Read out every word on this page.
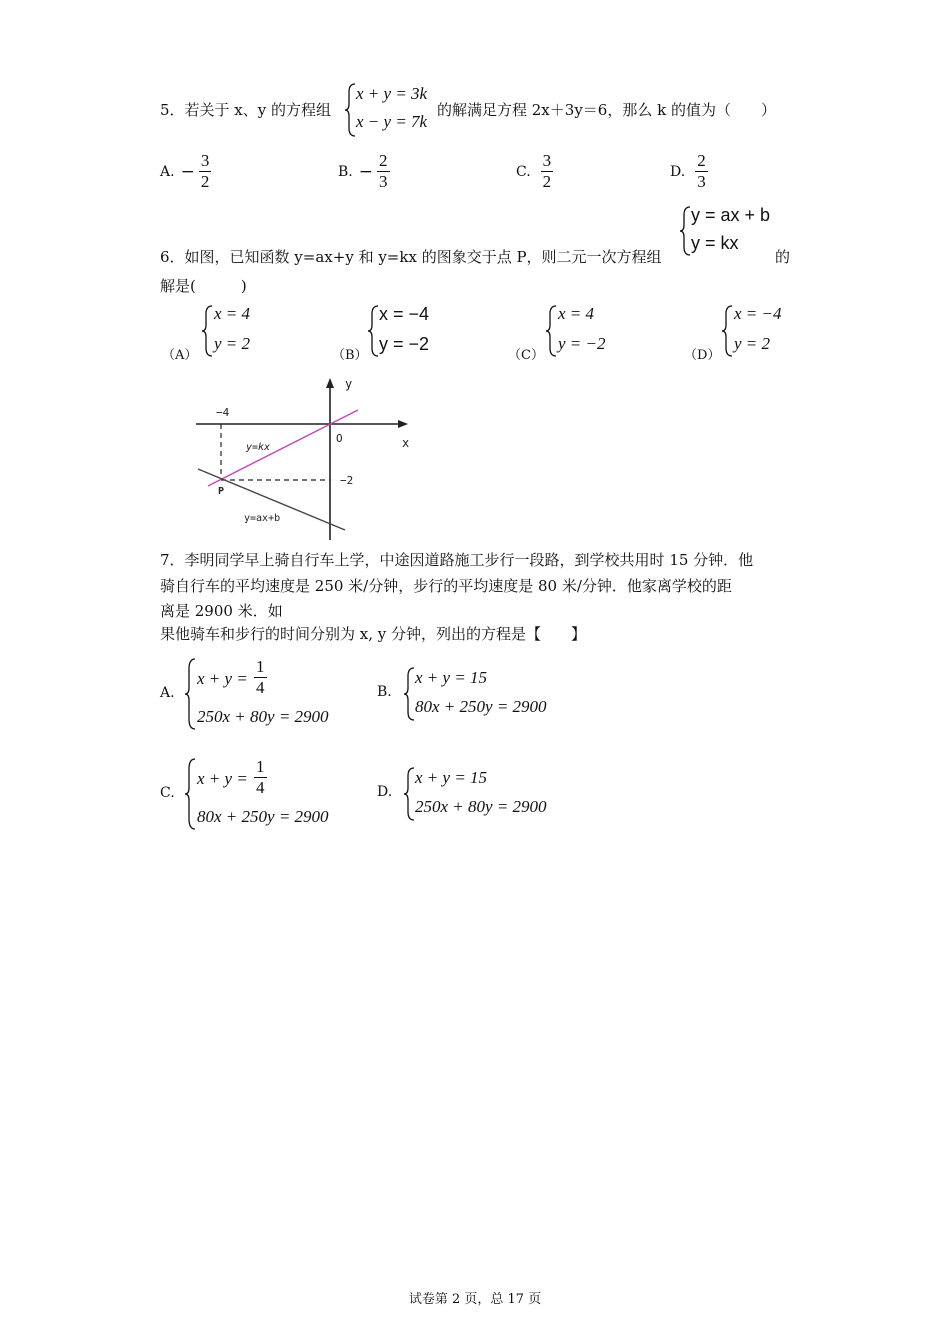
5．若关于 x、y 的方程组
x + y = 3k
x − y = 7k
的解满足方程 2x＋3y＝6，那么 k 的值为（　　）
A. − $\frac{3}{2}$	B. − $\frac{2}{3}$	C. $\frac{3}{2}$	D. $\frac{2}{3}$
6．如图，已知函数 y=ax+y 和 y=kx 的图象交于点 P，则二元一次方程组
y = ax + b
y = kx
的
解是(　　　)
（A）
x = 4
y = 2
（B）
x = −4
y = −2
（C）
x = 4
y = −2
（D）
x = −4
y = 2
y
x
O
−4
−2
P
y=kx
y=ax+b
7．李明同学早上骑自行车上学，中途因道路施工步行一段路，到学校共用时 15 分钟．他
骑自行车的平均速度是 250 米/分钟，步行的平均速度是 80 米/分钟．他家离学校的距
离是 2900 米．如
果他骑车和步行的时间分别为 x, y 分钟，列出的方程是【　　】
A.
$x + y = \frac{1}{4}$
250x + 80y = 2900
B.
x + y = 15
80x + 250y = 2900
C.
$x + y = \frac{1}{4}$
80x + 250y = 2900
D.
x + y = 15
250x + 80y = 2900
试卷第 2 页，总 17 页
